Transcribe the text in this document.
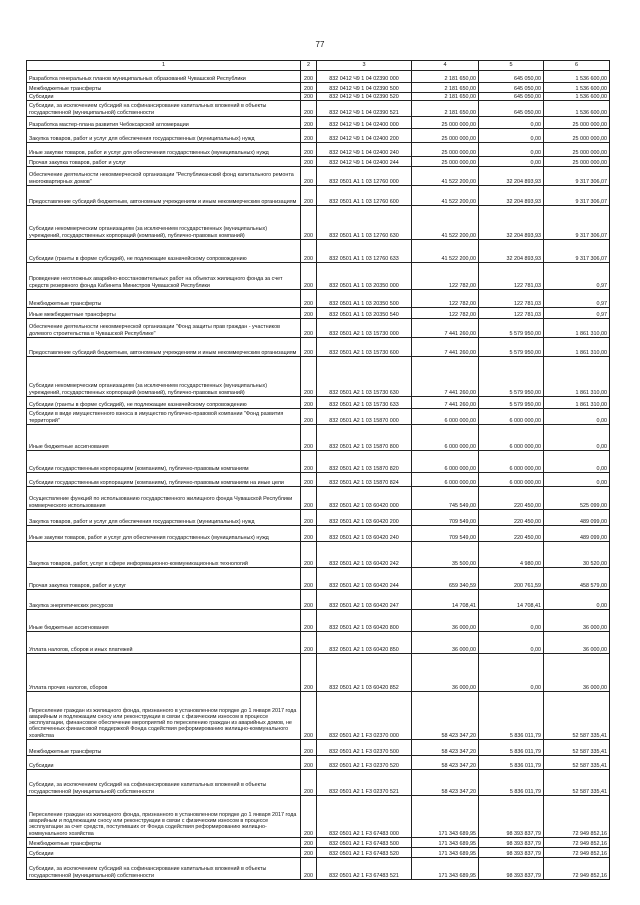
77
1	2	3	4	5	6
Разработка генеральных планов муниципальных образований Чувашской Республики	200	832 0412 Ч9 1 04 02390 000	2 181 650,00	645 050,00	1 536 600,00
Межбюджетные трансферты	200	832 0412 Ч9 1 04 02390 500	2 181 650,00	645 050,00	1 536 600,00
Субсидии	200	832 0412 Ч9 1 04 02390 520	2 181 650,00	645 050,00	1 536 600,00
Субсидии, за исключением субсидий на софинансирование капитальных вложений в объекты государственной (муниципальной) собственности	200	832 0412 Ч9 1 04 02390 521	2 181 650,00	645 050,00	1 536 600,00
Разработка мастер-плана развития Чебоксарской агломерации	200	832 0412 Ч9 1 04 02400 000	25 000 000,00	0,00	25 000 000,00
Закупка товаров, работ и услуг для обеспечения государственных (муниципальных) нужд	200	832 0412 Ч9 1 04 02400 200	25 000 000,00	0,00	25 000 000,00
Иные закупки товаров, работ и услуг для обеспечения государственных (муниципальных) нужд	200	832 0412 Ч9 1 04 02400 240	25 000 000,00	0,00	25 000 000,00
Прочая закупка товаров, работ и услуг	200	832 0412 Ч9 1 04 02400 244	25 000 000,00	0,00	25 000 000,00
Обеспечение деятельности некоммерческой организации "Республиканский фонд капитального ремонта многоквартирных домов"	200	832 0501 А1 1 03 12760 000	41 522 200,00	32 204 893,93	9 317 306,07
Предоставление субсидий бюджетным, автономным учреждениям и иным некоммерческим организациям	200	832 0501 А1 1 03 12760 600	41 522 200,00	32 204 893,93	9 317 306,07
Субсидии некоммерческим организациям (за исключением государственных (муниципальных) учреждений, государственных корпораций (компаний), публично-правовых компаний)	200	832 0501 А1 1 03 12760 630	41 522 200,00	32 204 893,93	9 317 306,07
Субсидии (гранты в форме субсидий), не подлежащие казначейскому сопровождению	200	832 0501 А1 1 03 12760 633	41 522 200,00	32 204 893,93	9 317 306,07
Проведение неотложных аварийно-восстановительных работ на объектах жилищного фонда за счет средств резервного фонда Кабинета Министров Чувашской Республики	200	832 0501 А1 1 03 20350 000	122 782,00	122 781,03	0,97
Межбюджетные трансферты	200	832 0501 А1 1 03 20350 500	122 782,00	122 781,03	0,97
Иные межбюджетные трансферты	200	832 0501 А1 1 03 20350 540	122 782,00	122 781,03	0,97
Обеспечение деятельности некоммерческой организации "Фонд защиты прав граждан - участников долевого строительства в Чувашской Республике"	200	832 0501 А2 1 03 15730 000	7 441 260,00	5 579 950,00	1 861 310,00
Предоставление субсидий бюджетным, автономным учреждениям и иным некоммерческим организациям	200	832 0501 А2 1 03 15730 600	7 441 260,00	5 579 950,00	1 861 310,00
Субсидии некоммерческим организациям (за исключением государственных (муниципальных) учреждений, государственных корпораций (компаний), публично-правовых компаний)	200	832 0501 А2 1 03 15730 630	7 441 260,00	5 579 950,00	1 861 310,00
Субсидии (гранты в форме субсидий), не подлежащие казначейскому сопровождению	200	832 0501 А2 1 03 15730 633	7 441 260,00	5 579 950,00	1 861 310,00
Субсидии в виде имущественного взноса в имущество публично-правовой компании "Фонд развития территорий"	200	832 0501 А2 1 03 15870 000	6 000 000,00	6 000 000,00	0,00
Иные бюджетные ассигнования	200	832 0501 А2 1 03 15870 800	6 000 000,00	6 000 000,00	0,00
Субсидии государственным корпорациям (компаниям), публично-правовым компаниям	200	832 0501 А2 1 03 15870 820	6 000 000,00	6 000 000,00	0,00
Субсидии государственным корпорациям (компаниям), публично-правовым компаниям на иные цели	200	832 0501 А2 1 03 15870 824	6 000 000,00	6 000 000,00	0,00
Осуществление функций по использованию государственного жилищного фонда Чувашской Республики коммерческого использования	200	832 0501 А2 1 03 60420 000	745 549,00	220 450,00	525 099,00
Закупка товаров, работ и услуг для обеспечения государственных (муниципальных) нужд	200	832 0501 А2 1 03 60420 200	709 549,00	220 450,00	489 099,00
Иные закупки товаров, работ и услуг для обеспечения государственных (муниципальных) нужд	200	832 0501 А2 1 03 60420 240	709 549,00	220 450,00	489 099,00
Закупка товаров, работ, услуг в сфере информационно-коммуникационных технологий	200	832 0501 А2 1 03 60420 242	35 500,00	4 980,00	30 520,00
Прочая закупка товаров, работ и услуг	200	832 0501 А2 1 03 60420 244	659 340,59	200 761,59	458 579,00
Закупка энергетических ресурсов	200	832 0501 А2 1 03 60420 247	14 708,41	14 708,41	0,00
Иные бюджетные ассигнования	200	832 0501 А2 1 03 60420 800	36 000,00	0,00	36 000,00
Уплата налогов, сборов и иных платежей	200	832 0501 А2 1 03 60420 850	36 000,00	0,00	36 000,00
Уплата прочих налогов, сборов	200	832 0501 А2 1 03 60420 852	36 000,00	0,00	36 000,00
Переселение граждан из жилищного фонда, признанного в установленном порядке до 1 января 2017 года аварийным и подлежащим сносу или реконструкции в связи с физическим износом в процессе эксплуатации, финансовое обеспечение мероприятий по переселению граждан из аварийных домов, не обеспеченных финансовой поддержкой Фонда содействия реформированию жилищно-коммунального хозяйства	200	832 0501 А2 1 F3 02370 000	58 423 347,20	5 836 011,79	52 587 335,41
Межбюджетные трансферты	200	832 0501 А2 1 F3 02370 500	58 423 347,20	5 836 011,79	52 587 335,41
Субсидии	200	832 0501 А2 1 F3 02370 520	58 423 347,20	5 836 011,79	52 587 335,41
Субсидии, за исключением субсидий на софинансирование капитальных вложений в объекты государственной (муниципальной) собственности	200	832 0501 А2 1 F3 02370 521	58 423 347,20	5 836 011,79	52 587 335,41
Переселение граждан из жилищного фонда, признанного в установленном порядке до 1 января 2017 года аварийным и подлежащим сносу или реконструкции в связи с физическим износом в процессе эксплуатации за счет средств, поступивших от Фонда содействия реформированию жилищно-коммунального хозяйства	200	832 0501 А2 1 F3 67483 000	171 343 689,95	98 393 837,79	72 949 852,16
Межбюджетные трансферты	200	832 0501 А2 1 F3 67483 500	171 343 689,95	98 393 837,79	72 949 852,16
Субсидии	200	832 0501 А2 1 F3 67483 520	171 343 689,95	98 393 837,79	72 949 852,16
Субсидии, за исключением субсидий на софинансирование капитальных вложений в объекты государственной (муниципальной) собственности	200	832 0501 А2 1 F3 67483 521	171 343 689,95	98 393 837,79	72 949 852,16
